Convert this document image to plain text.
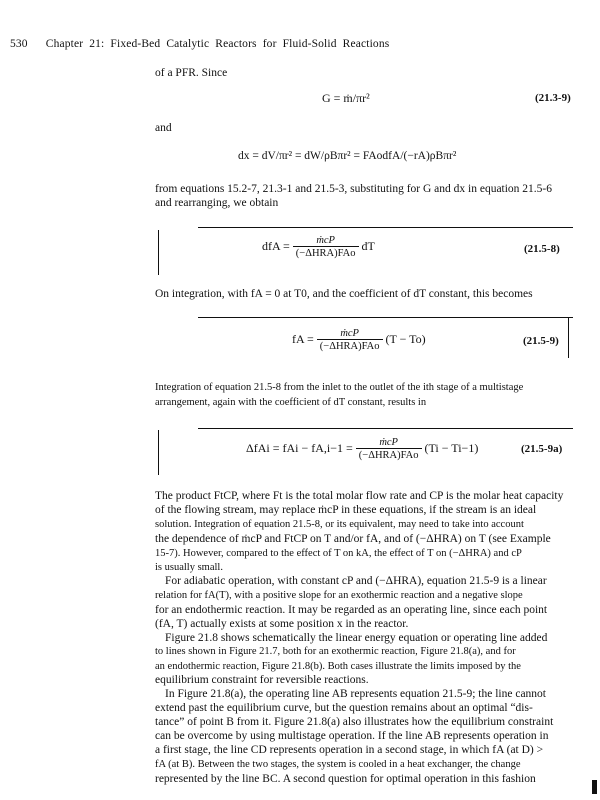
530 Chapter 21: Fixed-Bed Catalytic Reactors for Fluid-Solid Reactions
of a PFR. Since
G = ṁ/πr²	(21.3-9)
and
dx = dV/πr² = dW/ρBπr² = FAodfA/(−rA)ρBπr²
from equations 15.2-7, 21.3-1 and 21.5-3, substituting for G and dx in equation 21.5-6
and rearranging, we obtain
dfA = $\frac{\text{ṁcP}}{\text{(−ΔHRA)FAo}}$ dT	(21.5-8)
On integration, with fA = 0 at T0, and the coefficient of dT constant, this becomes
fA = $\frac{\text{ṁcP}}{\text{(−ΔHRA)FAo}} (T - To)$	(21.5-9)
Integration of equation 21.5-8 from the inlet to the outlet of the ith stage of a multistage
arrangement, again with the coefficient of dT constant, results in
ΔfAi = fAi − $fA,i-1 = \frac{\text{ṁcP}}{\text{(−ΔHRA)FAo}} (Ti - Ti-1)$	(21.5-9a)
The product FtCP, where Ft is the total molar flow rate and CP is the molar heat capacity
of the flowing stream, may replace ṁcP in these equations, if the stream is an ideal
solution. Integration of equation 21.5-8, or its equivalent, may need to take into account
the dependence of ṁcP and FtCP on T and/or fA, and of (−ΔHRA) on T (see Example
15-7). However, compared to the effect of T on kA, the effect of T on (−ΔHRA) and cP
is usually small.
For adiabatic operation, with constant cP and (−ΔHRA), equation 21.5-9 is a linear
relation for fA(T), with a positive slope for an exothermic reaction and a negative slope
for an endothermic reaction. It may be regarded as an operating line, since each point
(fA, T) actually exists at some position x in the reactor.
Figure 21.8 shows schematically the linear energy equation or operating line added
to lines shown in Figure 21.7, both for an exothermic reaction, Figure 21.8(a), and for
an endothermic reaction, Figure 21.8(b). Both cases illustrate the limits imposed by the
equilibrium constraint for reversible reactions.
In Figure 21.8(a), the operating line AB represents equation 21.5-9; the line cannot
extend past the equilibrium curve, but the question remains about an optimal “dis-
tance” of point B from it. Figure 21.8(a) also illustrates how the equilibrium constraint
can be overcome by using multistage operation. If the line AB represents operation in
a first stage, the line CD represents operation in a second stage, in which fA (at D) >
fA (at B). Between the two stages, the system is cooled in a heat exchanger, the change
represented by the line BC. A second question for optimal operation in this fashion
